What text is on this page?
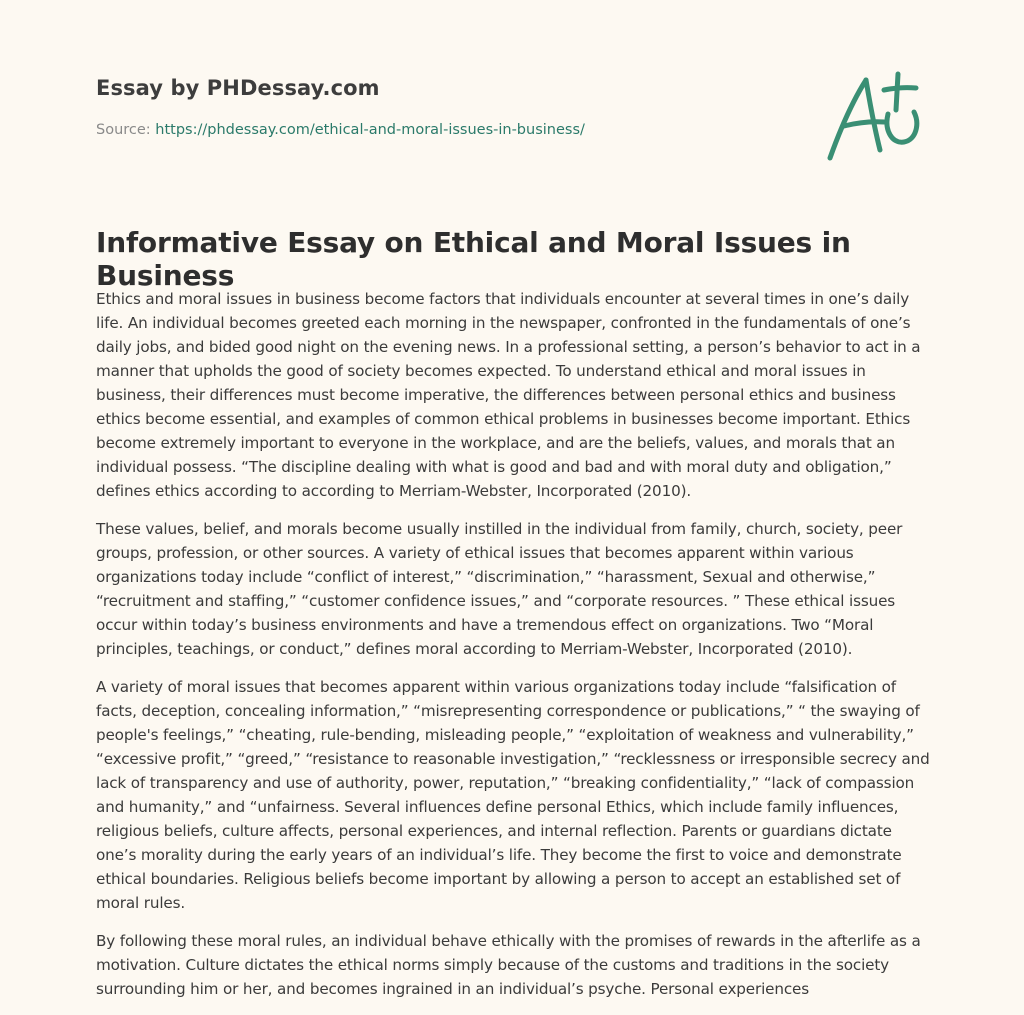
Essay by PHDessay.com
Source: https://phdessay.com/ethical-and-moral-issues-in-business/
Informative Essay on Ethical and Moral Issues in Business

Ethics and moral issues in business become factors that individuals encounter at several times in one’s daily life. An individual becomes greeted each morning in the newspaper, confronted in the fundamentals of one’s daily jobs, and bided good night on the evening news. In a professional setting, a person’s behavior to act in a manner that upholds the good of society becomes expected. To understand ethical and moral issues in business, their differences must become imperative, the differences between personal ethics and business ethics become essential, and examples of common ethical problems in businesses become important. Ethics become extremely important to everyone in the workplace, and are the beliefs, values, and morals that an individual possess. “The discipline dealing with what is good and bad and with moral duty and obligation,” defines ethics according to according to Merriam-Webster, Incorporated (2010).

These values, belief, and morals become usually instilled in the individual from family, church, society, peer groups, profession, or other sources. A variety of ethical issues that becomes apparent within various organizations today include “conflict of interest,” “discrimination,” “harassment, Sexual and otherwise,” “recruitment and staffing,” “customer confidence issues,” and “corporate resources. ” These ethical issues occur within today’s business environments and have a tremendous effect on organizations. Two “Moral principles, teachings, or conduct,” defines moral according to Merriam-Webster, Incorporated (2010).

A variety of moral issues that becomes apparent within various organizations today include “falsification of facts, deception, concealing information,” “misrepresenting correspondence or publications,” “ the swaying of people's feelings,” “cheating, rule-bending, misleading people,” “exploitation of weakness and vulnerability,” “excessive profit,” “greed,” “resistance to reasonable investigation,” “recklessness or irresponsible secrecy and lack of transparency and use of authority, power, reputation,” “breaking confidentiality,” “lack of compassion and humanity,” and “unfairness. Several influences define personal Ethics, which include family influences, religious beliefs, culture affects, personal experiences, and internal reflection. Parents or guardians dictate one’s morality during the early years of an individual’s life. They become the first to voice and demonstrate ethical boundaries. Religious beliefs become important by allowing a person to accept an established set of moral rules.

By following these moral rules, an individual behave ethically with the promises of rewards in the afterlife as a motivation. Culture dictates the ethical norms simply because of the customs and traditions in the society surrounding him or her, and becomes ingrained in an individual’s psyche. Personal experiences
